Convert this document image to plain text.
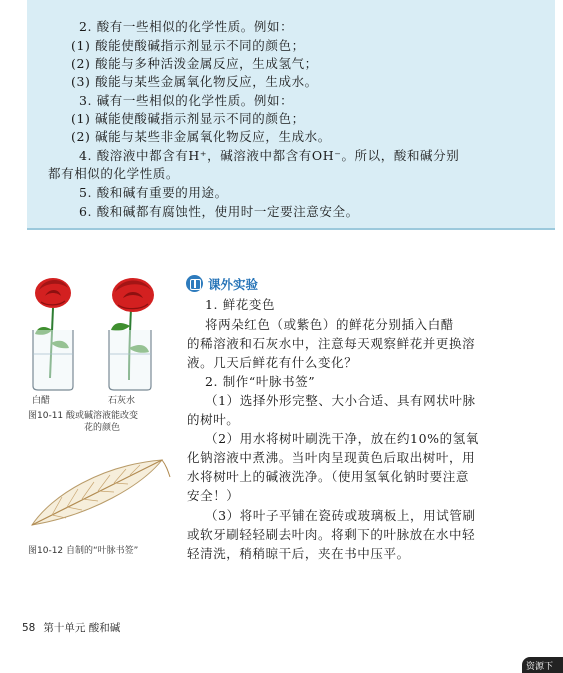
2. 酸有一些相似的化学性质。例如：
(1) 酸能使酸碱指示剂显示不同的颜色；
(2) 酸能与多种活泼金属反应，生成氢气；
(3) 酸能与某些金属氧化物反应，生成水。
3. 碱有一些相似的化学性质。例如：
(1) 碱能使酸碱指示剂显示不同的颜色；
(2) 碱能与某些非金属氧化物反应，生成水。
4. 酸溶液中都含有H⁺，碱溶液中都含有OH⁻。所以，酸和碱分别
都有相似的化学性质。
5. 酸和碱有重要的用途。
6. 酸和碱都有腐蚀性，使用时一定要注意安全。
白醋	石灰水
图10-11 酸或碱溶液能改变
花的颜色
图10-12 自制的“叶脉书签”
课外实验
1. 鲜花变色
将两朵红色（或紫色）的鲜花分别插入白醋
的稀溶液和石灰水中，注意每天观察鲜花并更换溶
液。几天后鲜花有什么变化？
2. 制作“叶脉书签”
（1）选择外形完整、大小合适、具有网状叶脉
的树叶。
（2）用水将树叶刷洗干净，放在约10%的氢氧
化钠溶液中煮沸。当叶肉呈现黄色后取出树叶，用
水将树叶上的碱液洗净。（使用氢氧化钠时要注意
安全！）
（3）将叶子平铺在瓷砖或玻璃板上，用试管刷
或软牙刷轻轻刷去叶肉。将剩下的叶脉放在水中轻
轻清洗，稍稍晾干后，夹在书中压平。
58 第十单元 酸和碱
资源下
